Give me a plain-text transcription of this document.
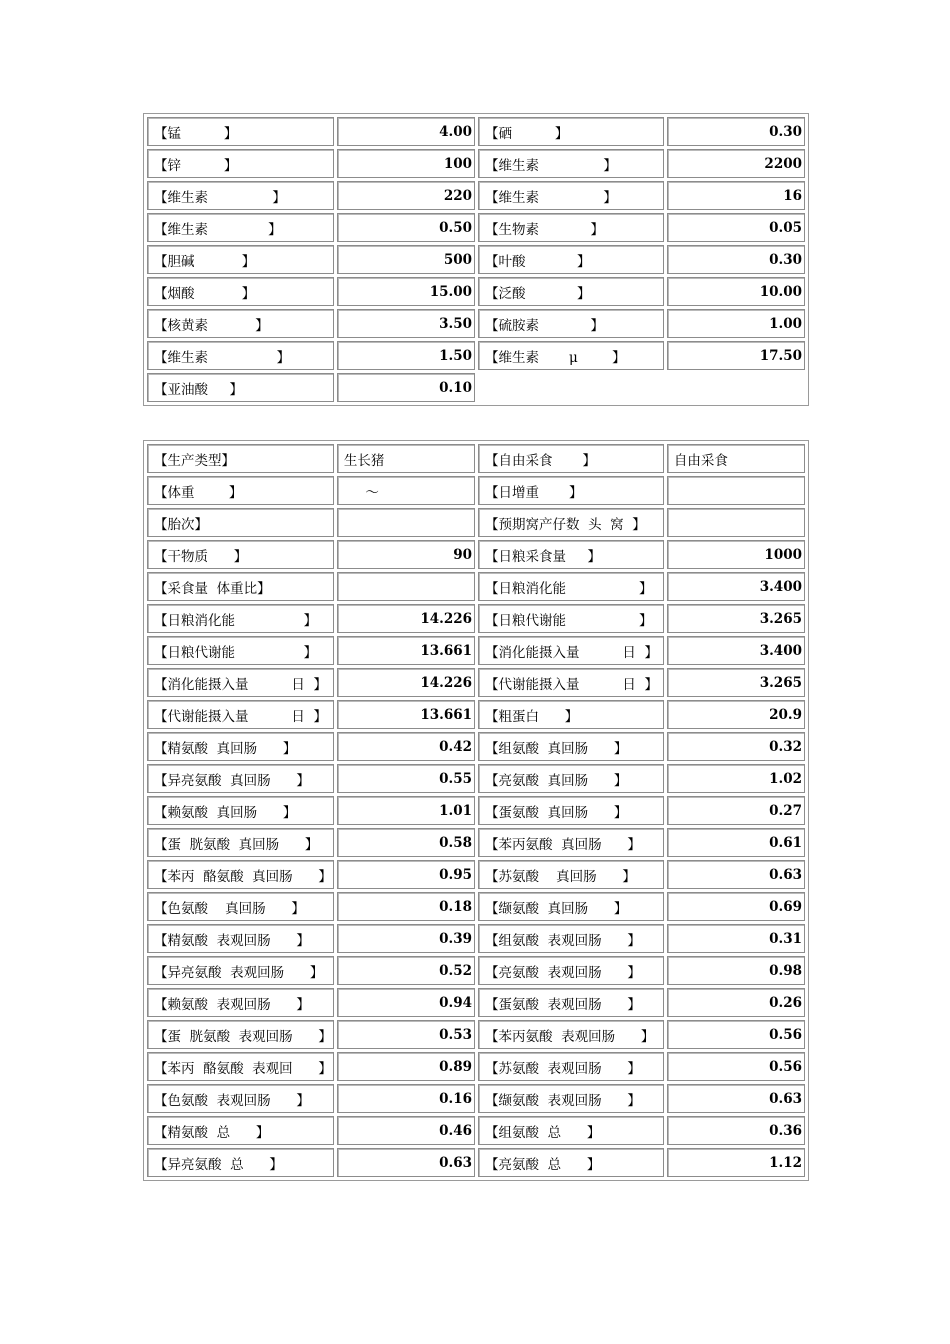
【锰          】	4.00	【硒          】	0.30
【锌          】	100	【维生素               】	2200
【维生素               】	220	【维生素               】	16
【维生素              】	0.50	【生物素            】	0.05
【胆碱           】	500	【叶酸            】	0.30
【烟酸           】	15.00	【泛酸            】	10.00
【核黄素           】	3.50	【硫胺素            】	1.00
【维生素                】	1.50	【维生素       μ        】	17.50
【亚油酸     】	0.10		
【生产类型】	生长猪	【自由采食       】	自由采食
【体重        】	～	【日增重       】	
【胎次】		【预期窝产仔数  头  窝  】	
【干物质      】	90	【日粮采食量     】	1000
【采食量  体重比】		【日粮消化能                 】	3.400
【日粮消化能                】	14.226	【日粮代谢能                 】	3.265
【日粮代谢能                】	13.661	【消化能摄入量          日  】	3.400
【消化能摄入量          日  】	14.226	【代谢能摄入量          日  】	3.265
【代谢能摄入量          日  】	13.661	【粗蛋白      】	20.9
【精氨酸  真回肠      】	0.42	【组氨酸  真回肠      】	0.32
【异亮氨酸  真回肠      】	0.55	【亮氨酸  真回肠      】	1.02
【赖氨酸  真回肠      】	1.01	【蛋氨酸  真回肠      】	0.27
【蛋  胱氨酸  真回肠      】	0.58	【苯丙氨酸  真回肠      】	0.61
【苯丙  酪氨酸  真回肠      】	0.95	【苏氨酸    真回肠      】	0.63
【色氨酸    真回肠      】	0.18	【缬氨酸  真回肠      】	0.69
【精氨酸  表观回肠      】	0.39	【组氨酸  表观回肠      】	0.31
【异亮氨酸  表观回肠      】	0.52	【亮氨酸  表观回肠      】	0.98
【赖氨酸  表观回肠      】	0.94	【蛋氨酸  表观回肠      】	0.26
【蛋  胱氨酸  表观回肠      】	0.53	【苯丙氨酸  表观回肠      】	0.56
【苯丙  酪氨酸  表观回      】	0.89	【苏氨酸  表观回肠      】	0.56
【色氨酸  表观回肠      】	0.16	【缬氨酸  表观回肠      】	0.63
【精氨酸  总      】	0.46	【组氨酸  总      】	0.36
【异亮氨酸  总      】	0.63	【亮氨酸  总      】	1.12
